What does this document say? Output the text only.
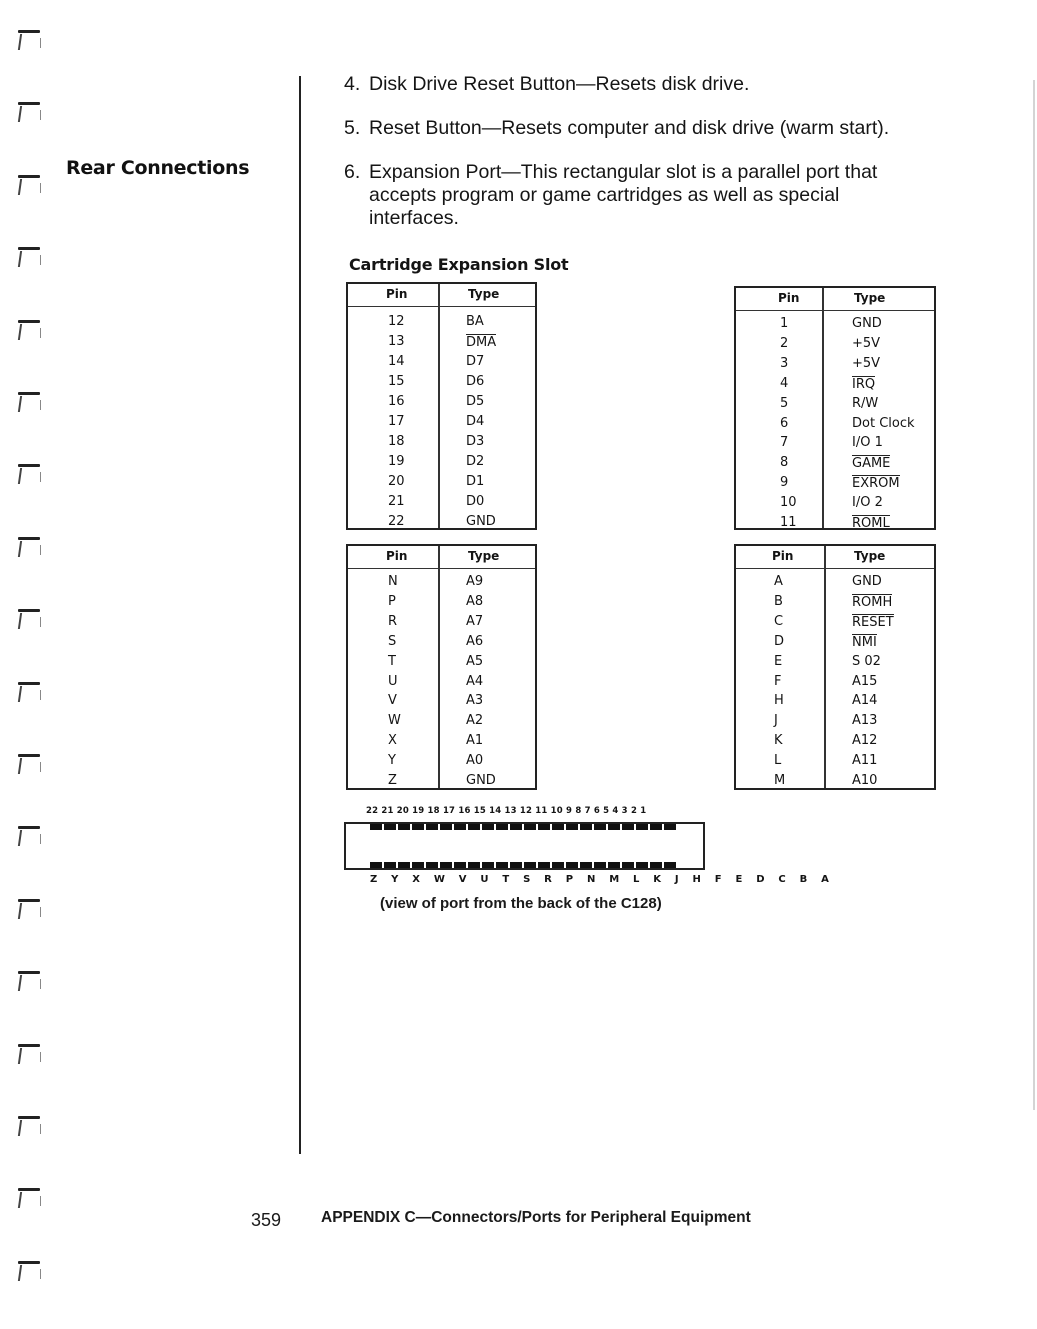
Rear Connections
4. Disk Drive Reset Button—Resets disk drive.
5. Reset Button—Resets computer and disk drive (warm start).
6. Expansion Port—This rectangular slot is a parallel port that accepts program or game cartridges as well as special interfaces.
Cartridge Expansion Slot
Pin	Type
12	BA
13	DMA
14	D7
15	D6
16	D5
17	D4
18	D3
19	D2
20	D1
21	D0
22	GND
Pin	Type
1	GND
2	+5V
3	+5V
4	IRQ
5	R/W
6	Dot Clock
7	I/O 1
8	GAME
9	EXROM
10	I/O 2
11	ROML
Pin	Type
N	A9
P	A8
R	A7
S	A6
T	A5
U	A4
V	A3
W	A2
X	A1
Y	A0
Z	GND
Pin	Type
A	GND
B	ROMH
C	RESET
D	NMI
E	S 02
F	A15
H	A14
J	A13
K	A12
L	A11
M	A10
22 21 20 19 18 17 16 15 14 13 12 11 10 9 8 7 6 5 4 3 2 1
Z Y X W V U T S R P N M L K J H F E D C B A
(view of port from the back of the C128)
359	APPENDIX C—Connectors/Ports for Peripheral Equipment
